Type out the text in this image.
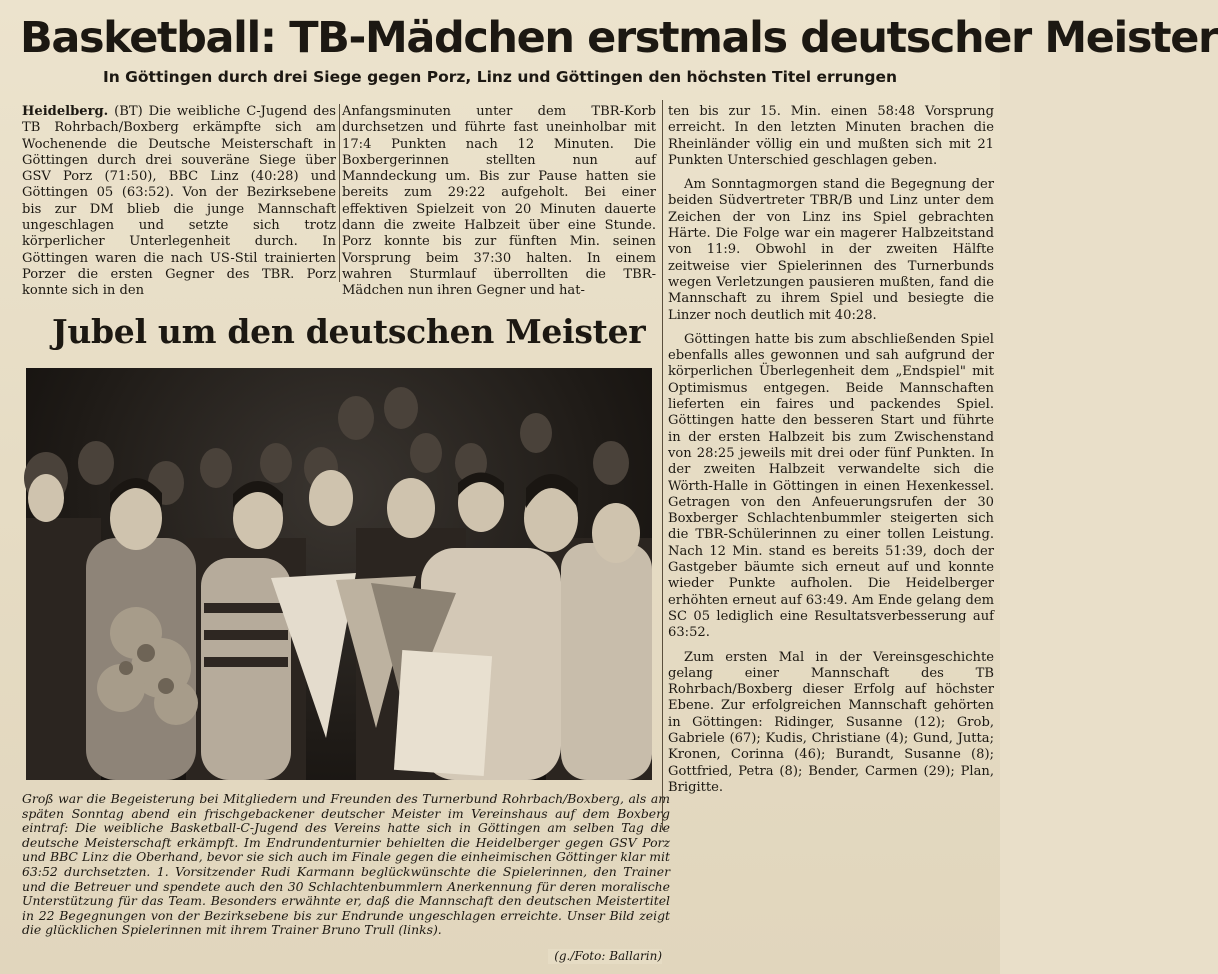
Basketball: TB-Mädchen erstmals deutscher Meister
In Göttingen durch drei Siege gegen Porz, Linz und Göttingen den höchsten Titel errungen

Heidelberg. (BT) Die weibliche C-Jugend des TB Rohrbach/Boxberg erkämpfte sich am Wochenende die Deutsche Meisterschaft in Göttingen durch drei souveräne Siege über GSV Porz (71:50), BBC Linz (40:28) und Göttingen 05 (63:52). Von der Bezirksebene bis zur DM blieb die junge Mannschaft ungeschlagen und setzte sich trotz körperlicher Unterlegenheit durch. In Göttingen waren die nach US-Stil trainierten Porzer die ersten Gegner des TBR. Porz konnte sich in den

Anfangsminuten unter dem TBR-Korb durchsetzen und führte fast uneinholbar mit 17:4 Punkten nach 12 Minuten. Die Boxbergerinnen stellten nun auf Manndeckung um. Bis zur Pause hatten sie bereits zum 29:22 aufgeholt. Bei einer effektiven Spielzeit von 20 Minuten dauerte dann die zweite Halbzeit über eine Stunde. Porz konnte bis zur fünften Min. seinen Vorsprung beim 37:30 halten. In einem wahren Sturmlauf überrollten die TBR-Mädchen nun ihren Gegner und hat-

ten bis zur 15. Min. einen 58:48 Vorsprung erreicht. In den letzten Minuten brachen die Rheinländer völlig ein und mußten sich mit 21 Punkten Unterschied geschlagen geben.

Am Sonntagmorgen stand die Begegnung der beiden Südvertreter TBR/B und Linz unter dem Zeichen der von Linz ins Spiel gebrachten Härte. Die Folge war ein magerer Halbzeitstand von 11:9. Obwohl in der zweiten Hälfte zeitweise vier Spielerinnen des Turnerbunds wegen Verletzungen pausieren mußten, fand die Mannschaft zu ihrem Spiel und besiegte die Linzer noch deutlich mit 40:28.

Göttingen hatte bis zum abschließenden Spiel ebenfalls alles gewonnen und sah aufgrund der körperlichen Überlegenheit dem „Endspiel" mit Optimismus entgegen. Beide Mannschaften lieferten ein faires und packendes Spiel. Göttingen hatte den besseren Start und führte in der ersten Halbzeit bis zum Zwischenstand von 28:25 jeweils mit drei oder fünf Punkten. In der zweiten Halbzeit verwandelte sich die Wörth-Halle in Göttingen in einen Hexenkessel. Getragen von den Anfeuerungsrufen der 30 Boxberger Schlachtenbummler steigerten sich die TBR-Schülerinnen zu einer tollen Leistung. Nach 12 Min. stand es bereits 51:39, doch der Gastgeber bäumte sich erneut auf und konnte wieder Punkte aufholen. Die Heidelberger erhöhten erneut auf 63:49. Am Ende gelang dem SC 05 lediglich eine Resultatsverbesserung auf 63:52.

Zum ersten Mal in der Vereinsgeschichte gelang einer Mannschaft des TB Rohrbach/Boxberg dieser Erfolg auf höchster Ebene. Zur erfolgreichen Mannschaft gehörten in Göttingen: Ridinger, Susanne (12); Grob, Gabriele (67); Kudis, Christiane (4); Gund, Jutta; Kronen, Corinna (46); Burandt, Susanne (8); Gottfried, Petra (8); Bender, Carmen (29); Plan, Brigitte.

Jubel um den deutschen Meister
Groß war die Begeisterung bei Mitgliedern und Freunden des Turnerbund Rohrbach/Boxberg, als am späten Sonntag abend ein frischgebackener deutscher Meister im Vereinshaus auf dem Boxberg eintraf: Die weibliche Basketball-C-Jugend des Vereins hatte sich in Göttingen am selben Tag die deutsche Meisterschaft erkämpft. Im Endrundenturnier behielten die Heidelberger gegen GSV Porz und BBC Linz die Oberhand, bevor sie sich auch im Finale gegen die einheimischen Göttinger klar mit 63:52 durchsetzten. 1. Vorsitzender Rudi Karmann beglückwünschte die Spielerinnen, den Trainer und die Betreuer und spendete auch den 30 Schlachtenbummlern Anerkennung für deren moralische Unterstützung für das Team. Besonders erwähnte er, daß die Mannschaft den deutschen Meistertitel in 22 Begegnungen von der Bezirksebene bis zur Endrunde ungeschlagen erreichte. Unser Bild zeigt die glücklichen Spielerinnen mit ihrem Trainer Bruno Trull (links).
(g./Foto: Ballarin)
